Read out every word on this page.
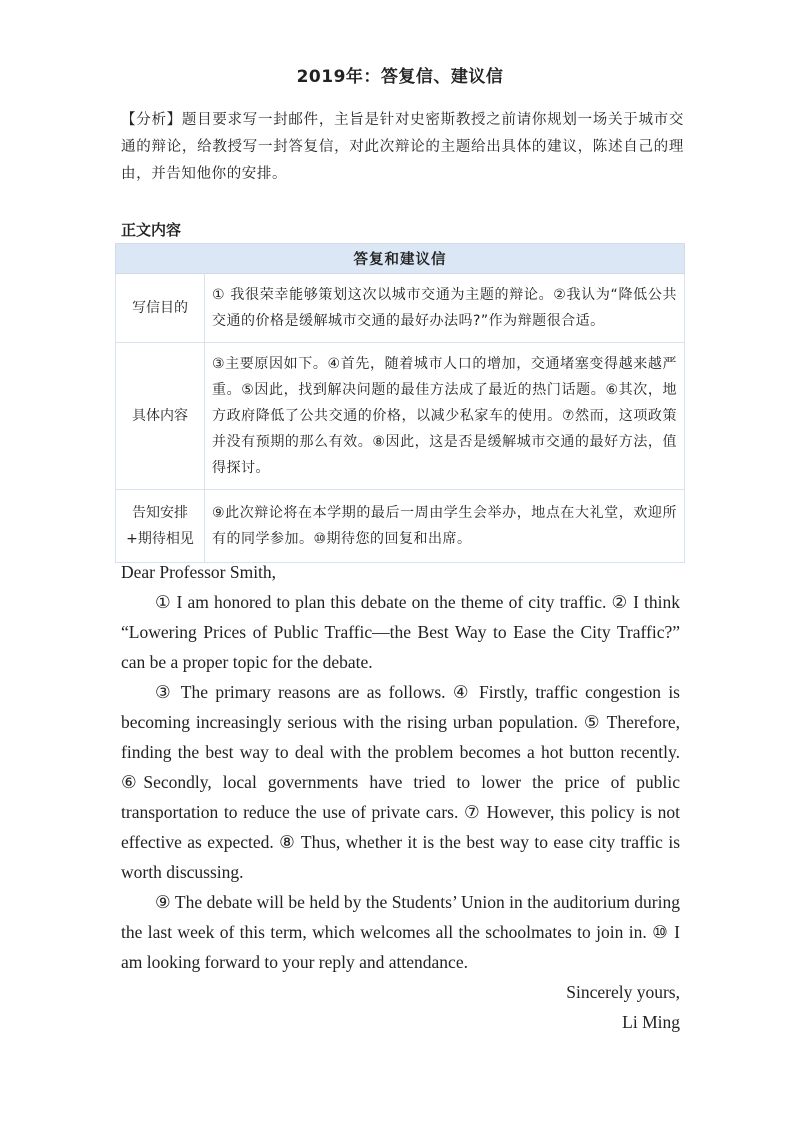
2019年：答复信、建议信
【分析】题目要求写一封邮件，主旨是针对史密斯教授之前请你规划一场关于城市交通的辩论，给教授写一封答复信，对此次辩论的主题给出具体的建议，陈述自己的理由，并告知他你的安排。
正文内容
答复和建议信	
写信目的	① 我很荣幸能够策划这次以城市交通为主题的辩论。②我认为“降低公共交通的价格是缓解城市交通的最好办法吗?”作为辩题很合适。
具体内容	③主要原因如下。④首先，随着城市人口的增加，交通堵塞变得越来越严重。⑤因此，找到解决问题的最佳方法成了最近的热门话题。⑥其次，地方政府降低了公共交通的价格，以减少私家车的使用。⑦然而，这项政策并没有预期的那么有效。⑧因此，这是否是缓解城市交通的最好方法，值得探讨。

告知安排
+期待相见	⑨此次辩论将在本学期的最后一周由学生会举办，地点在大礼堂，欢迎所有的同学参加。⑩期待您的回复和出席。

Dear Professor Smith,

① I am honored to plan this debate on the theme of city traffic. ② I think “Lowering Prices of Public Traffic—the Best Way to Ease the City Traffic?” can be a proper topic for the debate.

③ The primary reasons are as follows. ④ Firstly, traffic congestion is becoming increasingly serious with the rising urban population. ⑤ Therefore, finding the best way to deal with the problem becomes a hot button recently. ⑥Secondly, local governments have tried to lower the price of public transportation to reduce the use of private cars. ⑦ However, this policy is not effective as expected. ⑧ Thus, whether it is the best way to ease city traffic is worth discussing.

⑨ The debate will be held by the Students’ Union in the auditorium during the last week of this term, which welcomes all the schoolmates to join in. ⑩ I am looking forward to your reply and attendance.

Sincerely yours,

Li Ming
